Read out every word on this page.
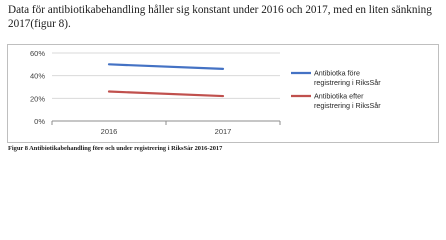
Data för antibiotikabehandling håller sig konstant under 2016 och 2017, med en liten sänkning 2017(figur 8).

0%
20%
40%
60%
2016	2017
Antibiotka före registrering i RiksSår
Antibiotika efter registrering i RiksSår
Figur 8 Antibiotikabehandling före och under registrering i RiksSår 2016-2017
